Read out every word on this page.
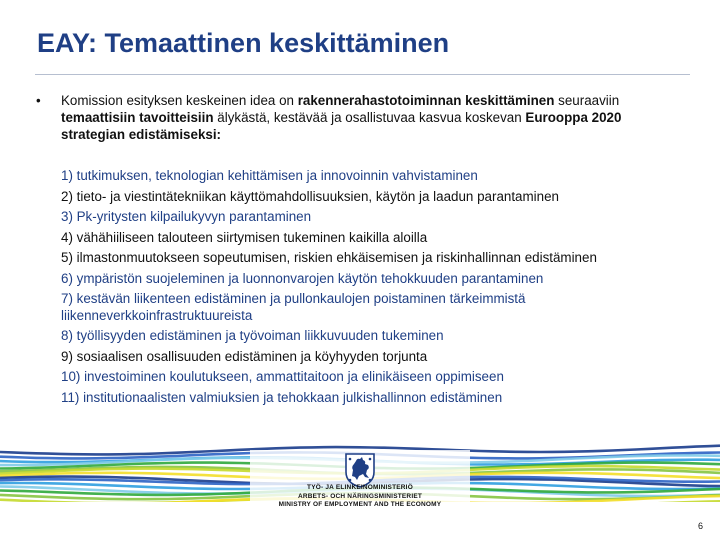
EAY: Temaattinen keskittäminen
• Komission esityksen keskeinen idea on rakennerahastotoiminnan keskittäminen seuraaviin temaattisiin tavoitteisiin älykästä, kestävää ja osallistuvaa kasvua koskevan Eurooppa 2020 strategian edistämiseksi:
1) tutkimuksen, teknologian kehittämisen ja innovoinnin vahvistaminen
2) tieto- ja viestintätekniikan käyttömahdollisuuksien, käytön ja laadun parantaminen
3) Pk-yritysten kilpailukyvyn parantaminen
4) vähähiiliseen talouteen siirtymisen tukeminen kaikilla aloilla
5) ilmastonmuutokseen sopeutumisen, riskien ehkäisemisen ja riskinhallinnan edistäminen
6) ympäristön suojeleminen ja luonnonvarojen käytön tehokkuuden parantaminen
7) kestävän liikenteen edistäminen ja pullonkaulojen poistaminen tärkeimmistä liikenneverkkoinfrastruktuureista
8) työllisyyden edistäminen ja työvoiman liikkuvuuden tukeminen
9) sosiaalisen osallisuuden edistäminen ja köyhyyden torjunta
10) investoiminen koulutukseen, ammattitaitoon ja elinikäiseen oppimiseen
11) institutionaalisten valmiuksien ja tehokkaan julkishallinnon edistäminen
TYÖ- JA ELINKEINOMINISTERIÖ
ARBETS- OCH NÄRINGSMINISTERIET
MINISTRY OF EMPLOYMENT AND THE ECONOMY
6
